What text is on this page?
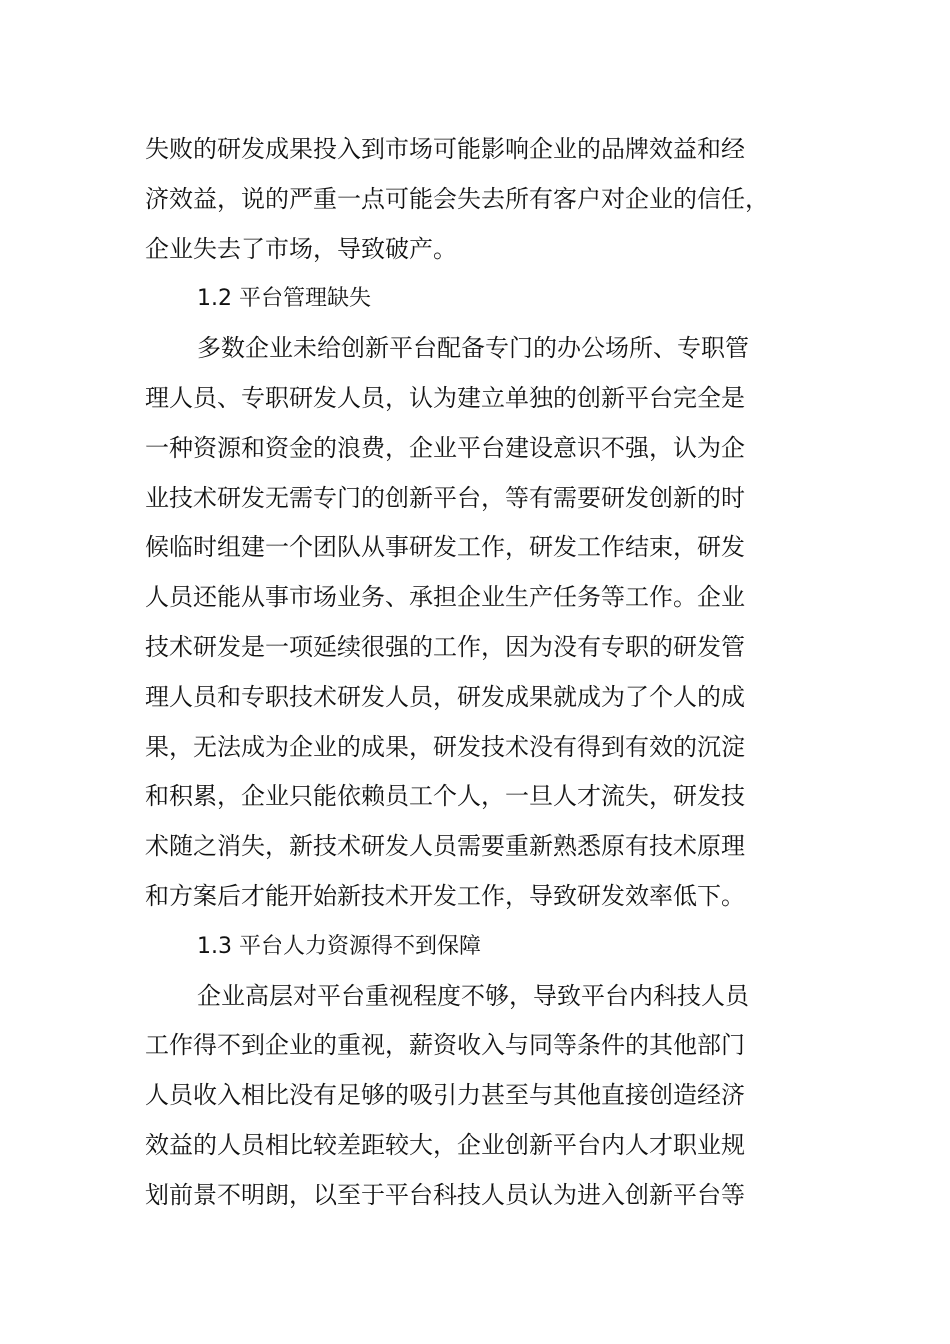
失败的研发成果投入到市场可能影响企业的品牌效益和经
济效益，说的严重一点可能会失去所有客户对企业的信任，
企业失去了市场，导致破产。
1.2 平台管理缺失
多数企业未给创新平台配备专门的办公场所、专职管
理人员、专职研发人员，认为建立单独的创新平台完全是
一种资源和资金的浪费，企业平台建设意识不强，认为企
业技术研发无需专门的创新平台，等有需要研发创新的时
候临时组建一个团队从事研发工作，研发工作结束，研发
人员还能从事市场业务、承担企业生产任务等工作。企业
技术研发是一项延续很强的工作，因为没有专职的研发管
理人员和专职技术研发人员，研发成果就成为了个人的成
果，无法成为企业的成果，研发技术没有得到有效的沉淀
和积累，企业只能依赖员工个人，一旦人才流失，研发技
术随之消失，新技术研发人员需要重新熟悉原有技术原理
和方案后才能开始新技术开发工作，导致研发效率低下。
1.3 平台人力资源得不到保障
企业高层对平台重视程度不够，导致平台内科技人员
工作得不到企业的重视，薪资收入与同等条件的其他部门
人员收入相比没有足够的吸引力甚至与其他直接创造经济
效益的人员相比较差距较大，企业创新平台内人才职业规
划前景不明朗，以至于平台科技人员认为进入创新平台等
